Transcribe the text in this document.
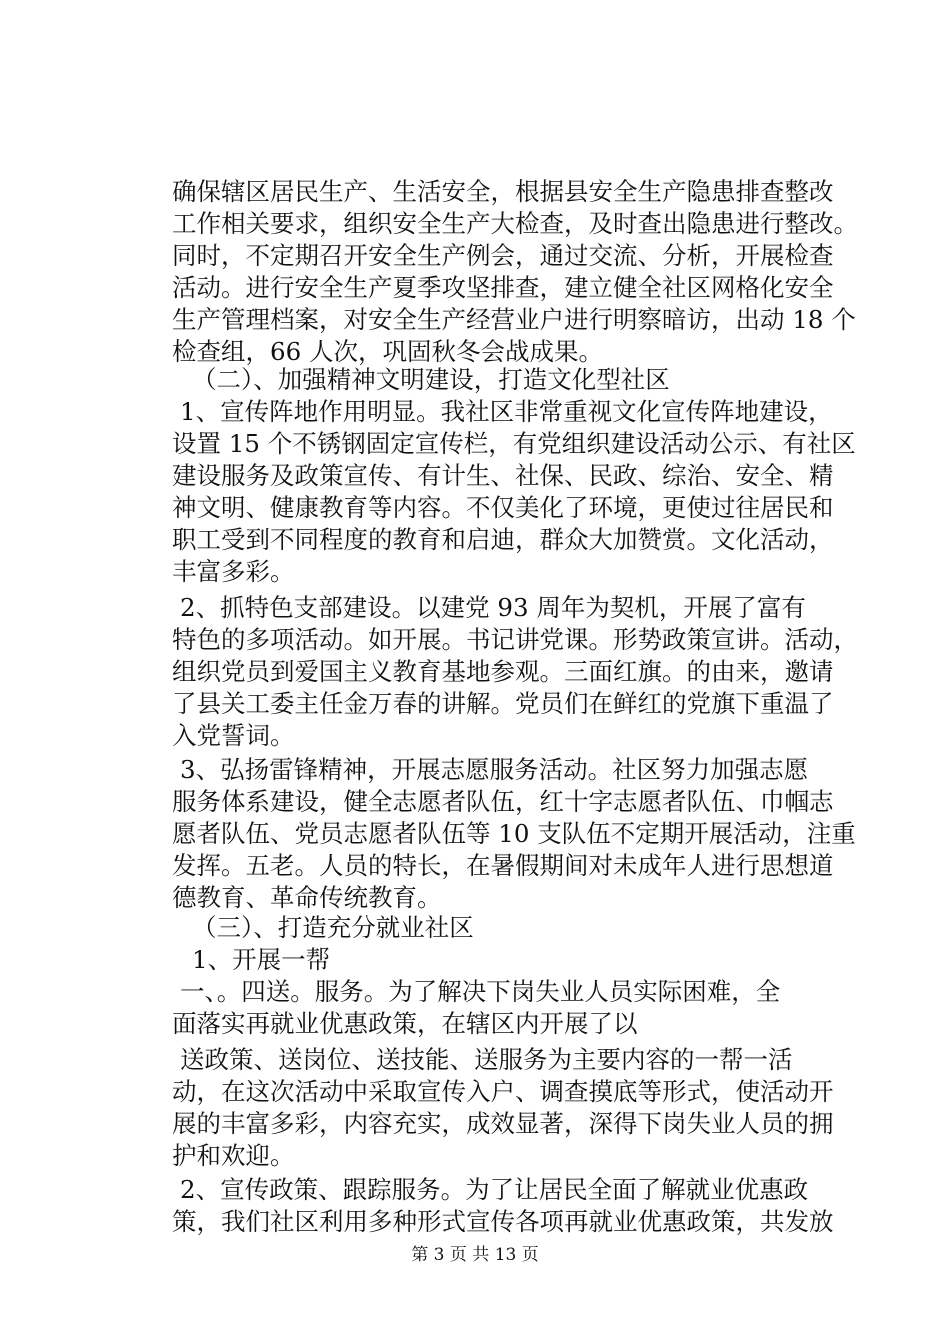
确保辖区居民生产、生活安全，根据县安全生产隐患排查整改
工作相关要求，组织安全生产大检查，及时查出隐患进行整改。
同时，不定期召开安全生产例会，通过交流、分析，开展检查
活动。进行安全生产夏季攻坚排查，建立健全社区网格化安全
生产管理档案，对安全生产经营业户进行明察暗访，出动 18 个
检查组，66 人次，巩固秋冬会战成果。
（二）、加强精神文明建设，打造文化型社区
1、宣传阵地作用明显。我社区非常重视文化宣传阵地建设，
设置 15 个不锈钢固定宣传栏，有党组织建设活动公示、有社区
建设服务及政策宣传、有计生、社保、民政、综治、安全、精
神文明、健康教育等内容。不仅美化了环境，更使过往居民和
职工受到不同程度的教育和启迪，群众大加赞赏。文化活动，
丰富多彩。
2、抓特色支部建设。以建党 93 周年为契机，开展了富有
特色的多项活动。如开展。书记讲党课。形势政策宣讲。活动，
组织党员到爱国主义教育基地参观。三面红旗。的由来，邀请
了县关工委主任金万春的讲解。党员们在鲜红的党旗下重温了
入党誓词。
3、弘扬雷锋精神，开展志愿服务活动。社区努力加强志愿
服务体系建设，健全志愿者队伍，红十字志愿者队伍、巾帼志
愿者队伍、党员志愿者队伍等 10 支队伍不定期开展活动，注重
发挥。五老。人员的特长，在暑假期间对未成年人进行思想道
德教育、革命传统教育。
（三）、打造充分就业社区
1、开展一帮
一、。四送。服务。为了解决下岗失业人员实际困难，全
面落实再就业优惠政策，在辖区内开展了以
送政策、送岗位、送技能、送服务为主要内容的一帮一活
动，在这次活动中采取宣传入户、调查摸底等形式，使活动开
展的丰富多彩，内容充实，成效显著，深得下岗失业人员的拥
护和欢迎。
2、宣传政策、跟踪服务。为了让居民全面了解就业优惠政
策，我们社区利用多种形式宣传各项再就业优惠政策，共发放
第 3 页 共 13 页
